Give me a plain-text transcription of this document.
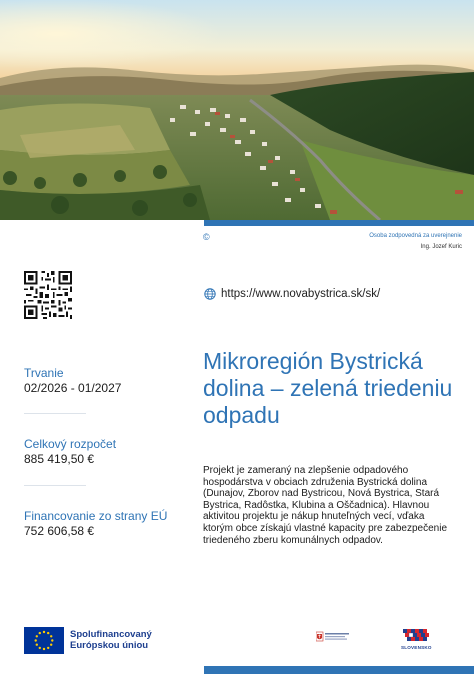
©	Osoba zodpovedná za uverejnenie
Ing. Jozef Kuric
https://www.novabystrica.sk/sk/
Trvanie
02/2026 - 01/2027
Celkový rozpočet
885 419,50 €
Financovanie zo strany EÚ
752 606,58 €
Mikroregión Bystrická dolina – zelená triedeniu odpadu

Projekt je zameraný na zlepšenie odpadového hospodárstva v obciach združenia Bystrická dolina (Dunajov, Zborov nad Bystricou, Nová Bystrica, Stará Bystrica, Radôstka, Klubina a Oščadnica). Hlavnou aktivitou projektu je nákup hnuteľných vecí, vďaka ktorým obce získajú vlastné kapacity pre zabezpečenie triedeného zberu komunálnych odpadov.

Spolufinancovaný
Európskou úniou	SLOVENSKO
